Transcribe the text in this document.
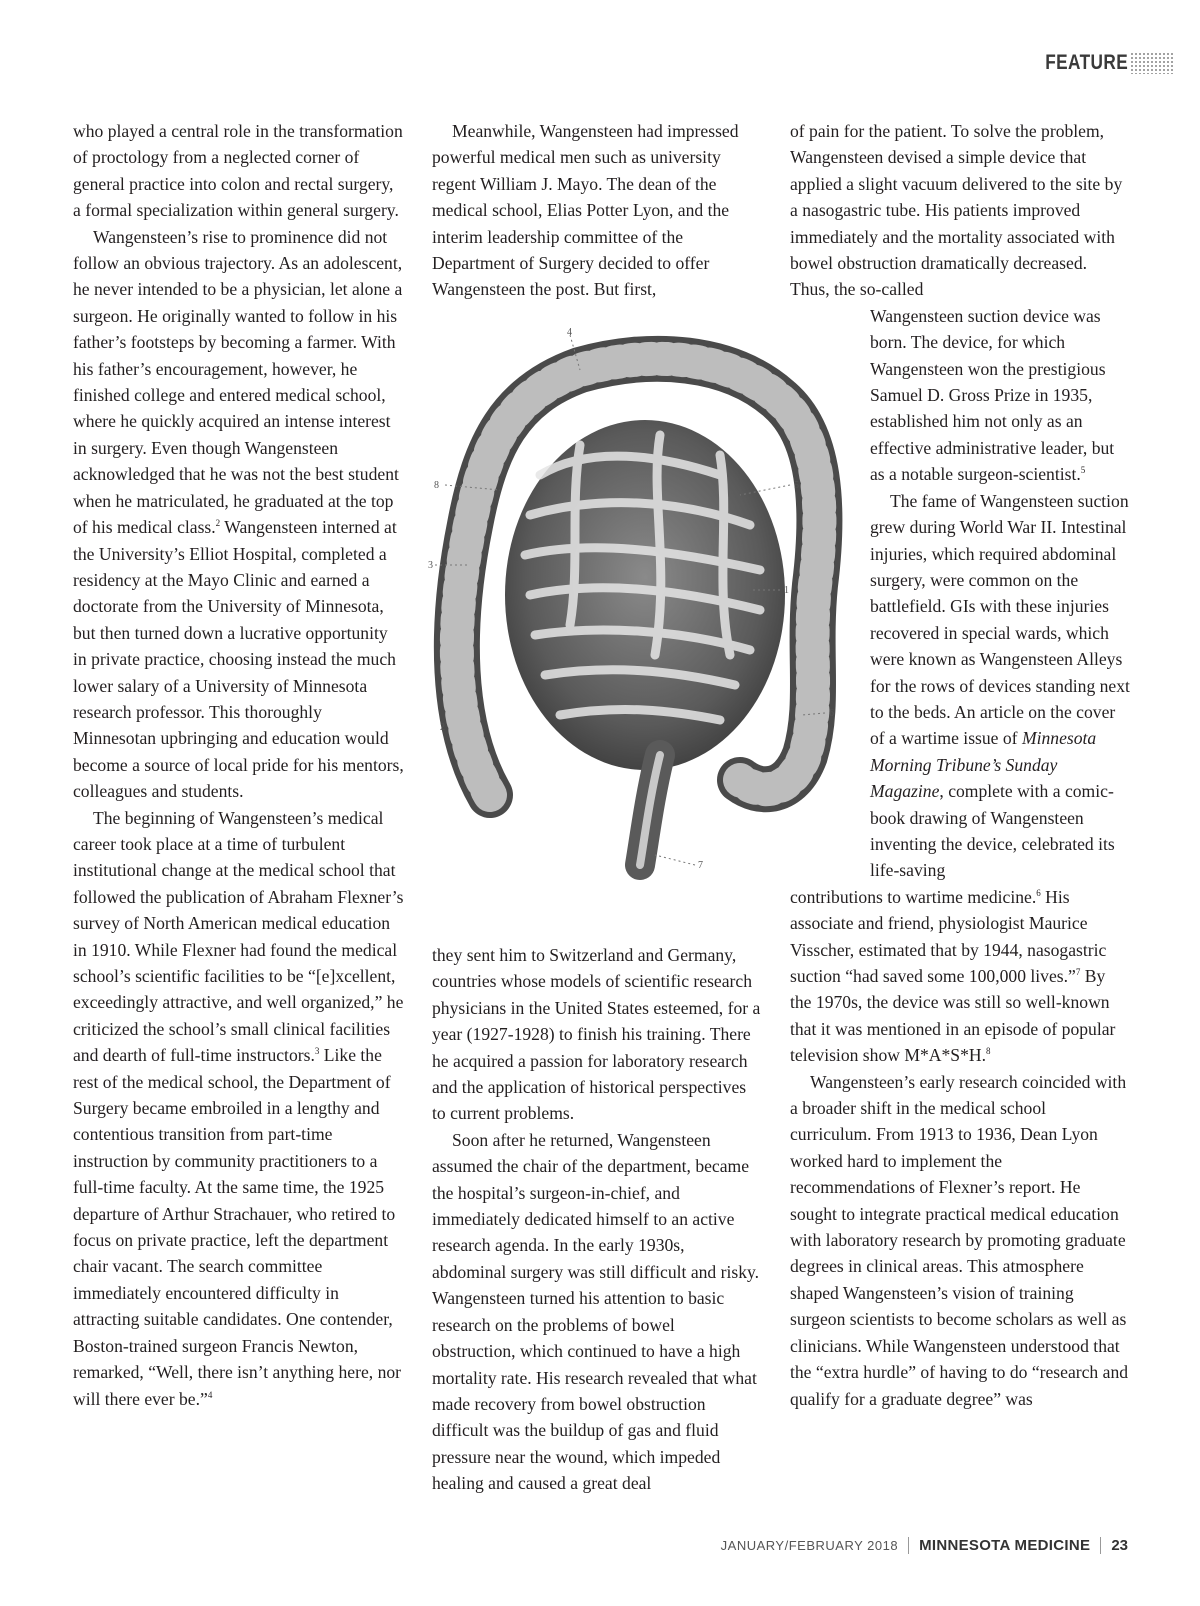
FEATURE

who played a central role in the transformation of proctology from a neglected corner of general practice into colon and rectal surgery, a formal specialization within general surgery.

Wangensteen’s rise to prominence did not follow an obvious trajectory. As an adolescent, he never intended to be a physician, let alone a surgeon. He originally wanted to follow in his father’s footsteps by becoming a farmer. With his father’s encouragement, however, he finished college and entered medical school, where he quickly acquired an intense interest in surgery. Even though Wangensteen acknowledged that he was not the best student when he matriculated, he graduated at the top of his medical class.$^2$ Wangensteen interned at the University’s Elliot Hospital, completed a residency at the Mayo Clinic and earned a doctorate from the University of Minnesota, but then turned down a lucrative opportunity in private practice, choosing instead the much lower salary of a University of Minnesota research professor. This thoroughly Minnesotan upbringing and education would become a source of local pride for his mentors, colleagues and students.

The beginning of Wangensteen’s medical career took place at a time of turbulent institutional change at the medical school that followed the publication of Abraham Flexner’s survey of North American medical education in 1910. While Flexner had found the medical school’s scientific facilities to be “[e]xcellent, exceedingly attractive, and well organized,” he criticized the school’s small clinical facilities and dearth of full-time instructors.$^3$ Like the rest of the medical school, the Department of Surgery became embroiled in a lengthy and contentious transition from part-time instruction by community practitioners to a full-time faculty. At the same time, the 1925 departure of Arthur Strachauer, who retired to focus on private practice, left the department chair vacant. The search committee immediately encountered difficulty in attracting suitable candidates. One contender, Boston-trained surgeon Francis Newton, remarked, “Well, there isn’t anything here, nor will there ever be.”$^4$

Meanwhile, Wangensteen had impressed powerful medical men such as university regent William J. Mayo. The dean of the medical school, Elias Potter Lyon, and the interim leadership committee of the Department of Surgery decided to offer Wangensteen the post. But first,

4
8	5
3
1
6
2
7

they sent him to Switzerland and Germany, countries whose models of scientific research physicians in the United States esteemed, for a year (1927-1928) to finish his training. There he acquired a passion for laboratory research and the application of historical perspectives to current problems.

Soon after he returned, Wangensteen assumed the chair of the department, became the hospital’s surgeon-in-chief, and immediately dedicated himself to an active research agenda. In the early 1930s, abdominal surgery was still difficult and risky. Wangensteen turned his attention to basic research on the problems of bowel obstruction, which continued to have a high mortality rate. His research revealed that what made recovery from bowel obstruction difficult was the buildup of gas and fluid pressure near the wound, which impeded healing and caused a great deal

of pain for the patient. To solve the problem, Wangensteen devised a simple device that applied a slight vacuum delivered to the site by a nasogastric tube. His patients improved immediately and the mortality associated with bowel obstruction dramatically decreased. Thus, the so-called

Wangensteen suction device was born. The device, for which Wangensteen won the prestigious Samuel D. Gross Prize in 1935, established him not only as an effective administrative leader, but as a notable surgeon-scientist.$^5$

The fame of Wangensteen suction grew during World War II. Intestinal injuries, which required abdominal surgery, were common on the battlefield. GIs with these injuries recovered in special wards, which were known as Wangensteen Alleys for the rows of devices standing next to the beds. An article on the cover of a wartime issue of Minnesota Morning Tribune’s Sunday Magazine, complete with a comic-book drawing of Wangensteen inventing the device, celebrated its life-saving

contributions to wartime medicine.$^6$ His associate and friend, physiologist Maurice Visscher, estimated that by 1944, nasogastric suction “had saved some 100,000 lives.”$^7$ By the 1970s, the device was still so well-known that it was mentioned in an episode of popular television show M*A*S*H.$^8$

Wangensteen’s early research coincided with a broader shift in the medical school curriculum. From 1913 to 1936, Dean Lyon worked hard to implement the recommendations of Flexner’s report. He sought to integrate practical medical education with laboratory research by promoting graduate degrees in clinical areas. This atmosphere shaped Wangensteen’s vision of training surgeon scientists to become scholars as well as clinicians. While Wangensteen understood that the “extra hurdle” of having to do “research and qualify for a graduate degree” was

JANUARY/FEBRUARY 2018 MINNESOTA MEDICINE 23
